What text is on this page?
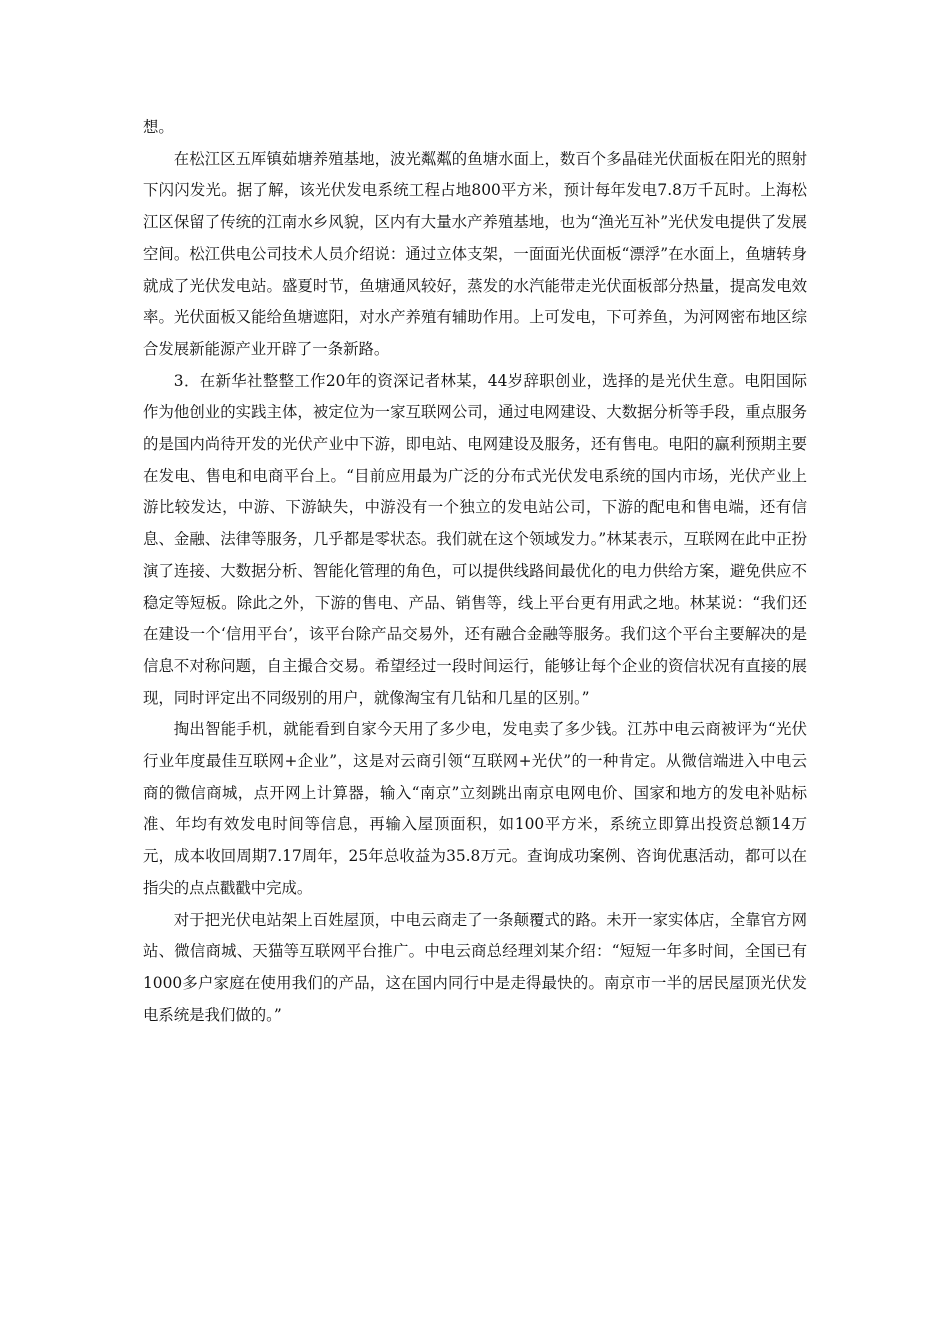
想。

在松江区五厍镇茹塘养殖基地，波光粼粼的鱼塘水面上，数百个多晶硅光伏面板在阳光的照射下闪闪发光。据了解，该光伏发电系统工程占地800平方米，预计每年发电7.8万千瓦时。上海松江区保留了传统的江南水乡风貌，区内有大量水产养殖基地，也为“渔光互补”光伏发电提供了发展空间。松江供电公司技术人员介绍说：通过立体支架，一面面光伏面板“漂浮”在水面上，鱼塘转身就成了光伏发电站。盛夏时节，鱼塘通风较好，蒸发的水汽能带走光伏面板部分热量，提高发电效率。光伏面板又能给鱼塘遮阳，对水产养殖有辅助作用。上可发电，下可养鱼，为河网密布地区综合发展新能源产业开辟了一条新路。

3．在新华社整整工作20年的资深记者林某，44岁辞职创业，选择的是光伏生意。电阳国际作为他创业的实践主体，被定位为一家互联网公司，通过电网建设、大数据分析等手段，重点服务的是国内尚待开发的光伏产业中下游，即电站、电网建设及服务，还有售电。电阳的赢利预期主要在发电、售电和电商平台上。“目前应用最为广泛的分布式光伏发电系统的国内市场，光伏产业上游比较发达，中游、下游缺失，中游没有一个独立的发电站公司，下游的配电和售电端，还有信息、金融、法律等服务，几乎都是零状态。我们就在这个领域发力。”林某表示，互联网在此中正扮演了连接、大数据分析、智能化管理的角色，可以提供线路间最优化的电力供给方案，避免供应不稳定等短板。除此之外，下游的售电、产品、销售等，线上平台更有用武之地。林某说：“我们还在建设一个‘信用平台’，该平台除产品交易外，还有融合金融等服务。我们这个平台主要解决的是信息不对称问题，自主撮合交易。希望经过一段时间运行，能够让每个企业的资信状况有直接的展现，同时评定出不同级别的用户，就像淘宝有几钻和几星的区别。”

掏出智能手机，就能看到自家今天用了多少电，发电卖了多少钱。江苏中电云商被评为“光伏行业年度最佳互联网+企业”，这是对云商引领“互联网+光伏”的一种肯定。从微信端进入中电云商的微信商城，点开网上计算器，输入“南京”立刻跳出南京电网电价、国家和地方的发电补贴标准、年均有效发电时间等信息，再输入屋顶面积，如100平方米，系统立即算出投资总额14万元，成本收回周期7.17周年，25年总收益为35.8万元。查询成功案例、咨询优惠活动，都可以在指尖的点点戳戳中完成。

对于把光伏电站架上百姓屋顶，中电云商走了一条颠覆式的路。未开一家实体店，全靠官方网站、微信商城、天猫等互联网平台推广。中电云商总经理刘某介绍：“短短一年多时间，全国已有1000多户家庭在使用我们的产品，这在国内同行中是走得最快的。南京市一半的居民屋顶光伏发电系统是我们做的。”
